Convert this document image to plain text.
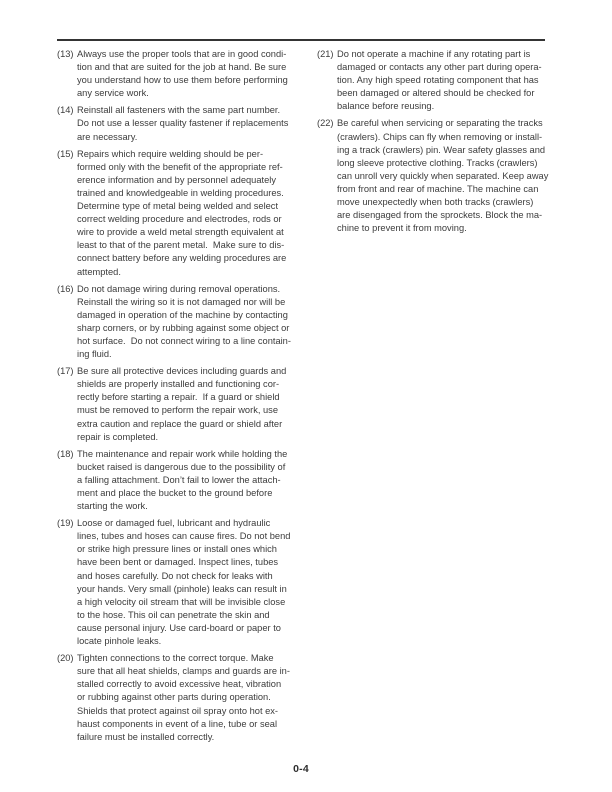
(13) Always use the proper tools that are in good condi-
tion and that are suited for the job at hand. Be sure
you understand how to use them before performing
any service work.
(14) Reinstall all fasteners with the same part number.
Do not use a lesser quality fastener if replacements
are necessary.
(15) Repairs which require welding should be per-
formed only with the benefit of the appropriate ref-
erence information and by personnel adequately
trained and knowledgeable in welding procedures.
Determine type of metal being welded and select
correct welding procedure and electrodes, rods or
wire to provide a weld metal strength equivalent at
least to that of the parent metal.  Make sure to dis-
connect battery before any welding procedures are
attempted.
(16) Do not damage wiring during removal operations.
Reinstall the wiring so it is not damaged nor will be
damaged in operation of the machine by contacting
sharp corners, or by rubbing against some object or
hot surface.  Do not connect wiring to a line contain-
ing fluid.
(17) Be sure all protective devices including guards and
shields are properly installed and functioning cor-
rectly before starting a repair.  If a guard or shield
must be removed to perform the repair work, use
extra caution and replace the guard or shield after
repair is completed.
(18) The maintenance and repair work while holding the
bucket raised is dangerous due to the possibility of
a falling attachment. Don’t fail to lower the attach-
ment and place the bucket to the ground before
starting the work.
(19) Loose or damaged fuel, lubricant and hydraulic
lines, tubes and hoses can cause fires. Do not bend
or strike high pressure lines or install ones which
have been bent or damaged. Inspect lines, tubes
and hoses carefully. Do not check for leaks with
your hands. Very small (pinhole) leaks can result in
a high velocity oil stream that will be invisible close
to the hose. This oil can penetrate the skin and
cause personal injury. Use card-board or paper to
locate pinhole leaks.
(20) Tighten connections to the correct torque. Make
sure that all heat shields, clamps and guards are in-
stalled correctly to avoid excessive heat, vibration
or rubbing against other parts during operation.
Shields that protect against oil spray onto hot ex-
haust components in event of a line, tube or seal
failure must be installed correctly.
(21) Do not operate a machine if any rotating part is
damaged or contacts any other part during opera-
tion. Any high speed rotating component that has
been damaged or altered should be checked for
balance before reusing.
(22) Be careful when servicing or separating the tracks
(crawlers). Chips can fly when removing or install-
ing a track (crawlers) pin. Wear safety glasses and
long sleeve protective clothing. Tracks (crawlers)
can unroll very quickly when separated. Keep away
from front and rear of machine. The machine can
move unexpectedly when both tracks (crawlers)
are disengaged from the sprockets. Block the ma-
chine to prevent it from moving.
0-4
